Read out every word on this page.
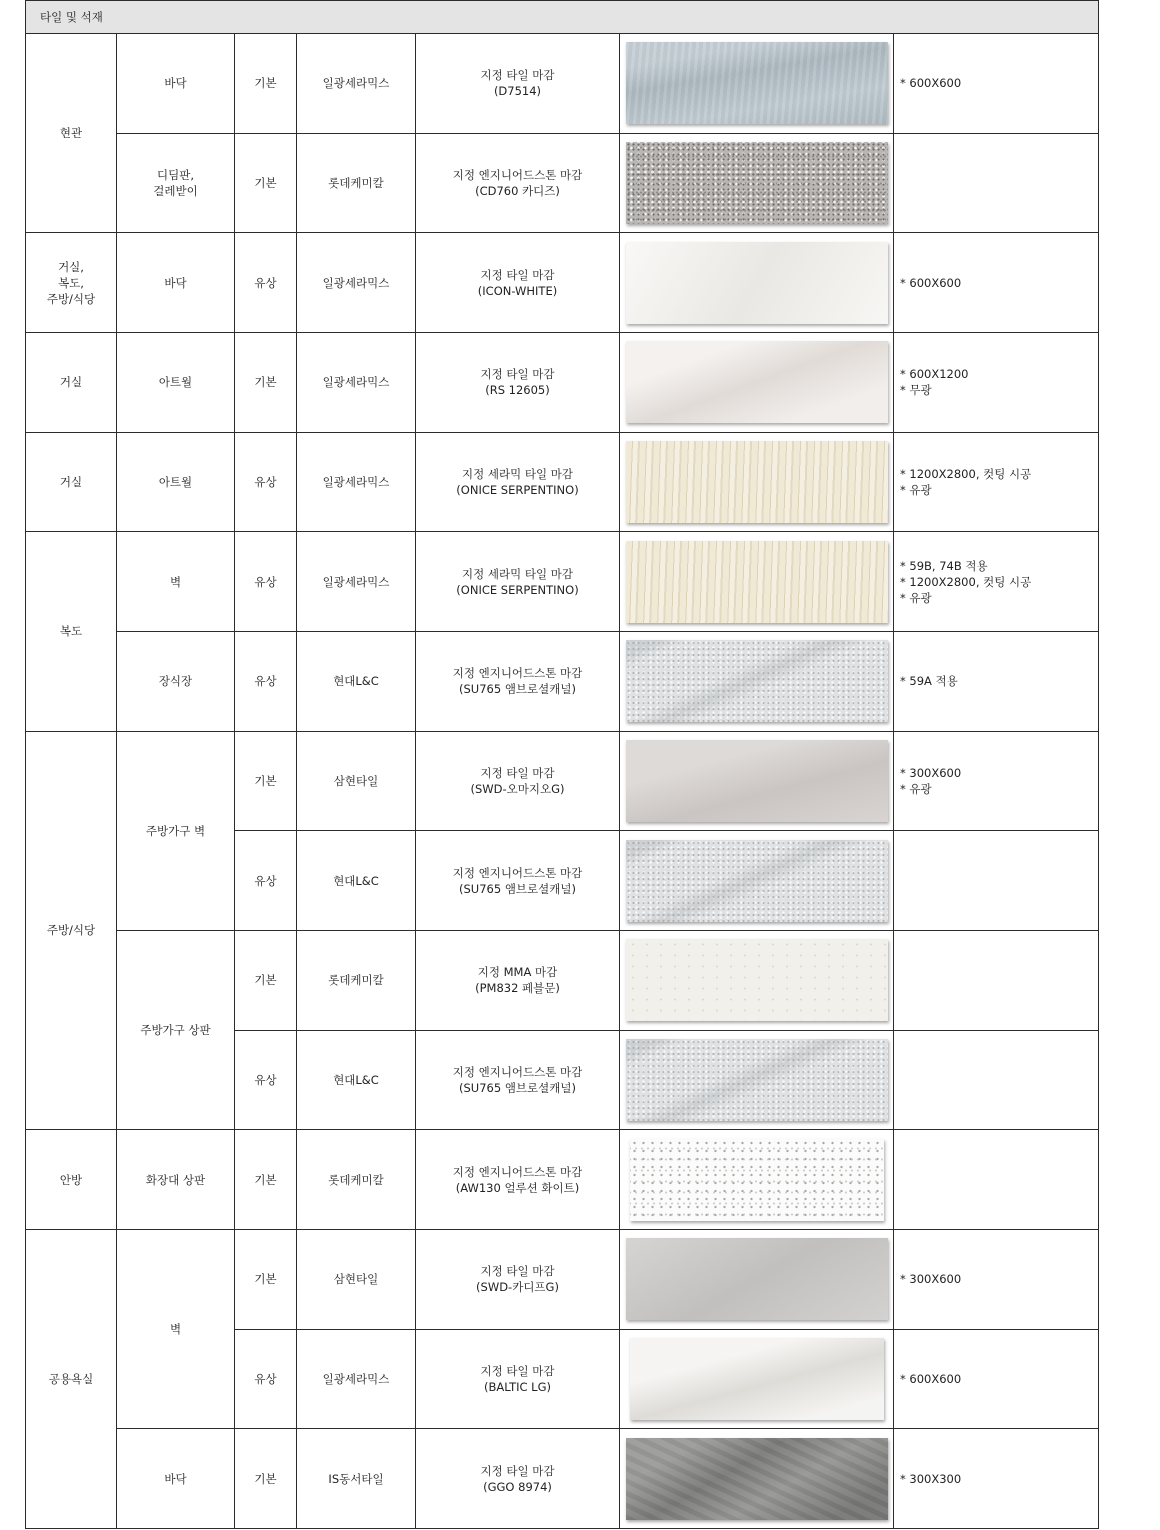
타일 및 석재						
현관	바닥	기본	일광세라믹스	지정 타일 마감
(D7514)		* 600X600
	디딤판,
걸레받이	기본	롯데케미칼	지정 엔지니어드스톤 마감
(CD760 카디즈)	

거실,
복도,
주방/식당	바닥	유상	일광세라믹스	지정 타일 마감
(ICON-WHITE)		* 600X600
거실	아트월	기본	일광세라믹스	지정 타일 마감
(RS 12605)		* 600X1200
* 무광
거실	아트월	유상	일광세라믹스	지정 세라믹 타일 마감
(ONICE SERPENTINO)		* 1200X2800, 컷팅 시공
* 유광
복도	벽	유상	일광세라믹스	지정 세라믹 타일 마감
(ONICE SERPENTINO)		* 59B, 74B 적용
* 1200X2800, 컷팅 시공
* 유광
	장식장	유상	현대L&C	지정 엔지니어드스톤 마감
(SU765 앰브로셜캐널)		* 59A 적용
주방/식당	주방가구 벽	기본	삼현타일	지정 타일 마감
(SWD-오마지오G)		* 300X600
* 유광
		유상	현대L&C	지정 엔지니어드스톤 마감
(SU765 앰브로셜캐널)	

	주방가구 상판	기본	롯데케미칼	지정 MMA 마감
(PM832 페블문)	

		유상	현대L&C	지정 엔지니어드스톤 마감
(SU765 앰브로셜캐널)	

안방	화장대 상판	기본	롯데케미칼	지정 엔지니어드스톤 마감
(AW130 얼루션 화이트)	

공용욕실	벽	기본	삼현타일	지정 타일 마감
(SWD-카디프G)		* 300X600
		유상	일광세라믹스	지정 타일 마감
(BALTIC LG)		* 600X600
	바닥	기본	IS동서타일	지정 타일 마감
(GGO 8974)		* 300X300
